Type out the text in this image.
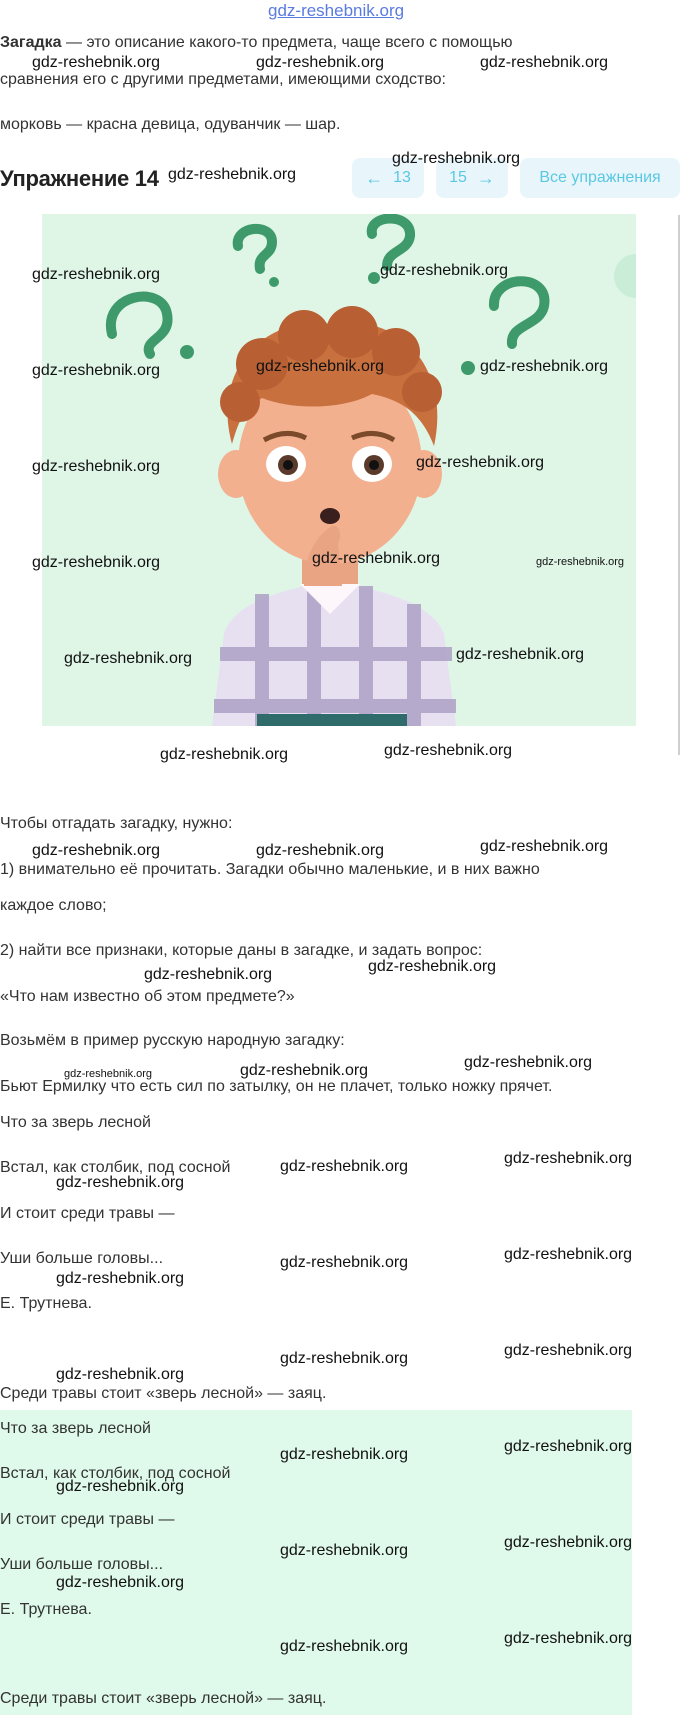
gdz-reshebnik.org
Загадка — это описание какого-то предмета, чаще всего с помощью
сравнения его с другими предметами, имеющими сходство:
морковь — красна девица, одуванчик — шар.
Упражнение 14	← 13 15 →	Все упражнения
Чтобы отгадать загадку, нужно:
1) внимательно её прочитать. Загадки обычно маленькие, и в них важно
каждое слово;
2) найти все признаки, которые даны в загадке, и задать вопрос:
«Что нам известно об этом предмете?»
Возьмём в пример русскую народную загадку:
Бьют Ермилку что есть сил по затылку, он не плачет, только ножку прячет.
Что за зверь лесной
Встал, как столбик, под сосной
И стоит среди травы —
Уши больше головы...
Е. Трутнева.
Среди травы стоит «зверь лесной» — заяц.
Что за зверь лесной
Встал, как столбик, под сосной
И стоит среди травы —
Уши больше головы...
Е. Трутнева.
Среди травы стоит «зверь лесной» — заяц.
gdz-reshebnik.org	gdz-reshebnik.org	gdz-reshebnik.org
gdz-reshebnik.org
gdz-reshebnik.org
gdz-reshebnik.org	gdz-reshebnik.org
gdz-reshebnik.org	gdz-reshebnik.org	gdz-reshebnik.org
gdz-reshebnik.org	gdz-reshebnik.org
gdz-reshebnik.org	gdz-reshebnik.org	gdz-reshebnik.org
gdz-reshebnik.org	gdz-reshebnik.org
gdz-reshebnik.org	gdz-reshebnik.org
gdz-reshebnik.org	gdz-reshebnik.org	gdz-reshebnik.org
gdz-reshebnik.org	gdz-reshebnik.org
gdz-reshebnik.org	gdz-reshebnik.org	gdz-reshebnik.org
gdz-reshebnik.org
gdz-reshebnik.org
gdz-reshebnik.org
gdz-reshebnik.org
gdz-reshebnik.org
gdz-reshebnik.org
gdz-reshebnik.org
gdz-reshebnik.org
gdz-reshebnik.org
gdz-reshebnik.org
gdz-reshebnik.org
gdz-reshebnik.org
gdz-reshebnik.org
gdz-reshebnik.org
gdz-reshebnik.org
gdz-reshebnik.org
gdz-reshebnik.org
